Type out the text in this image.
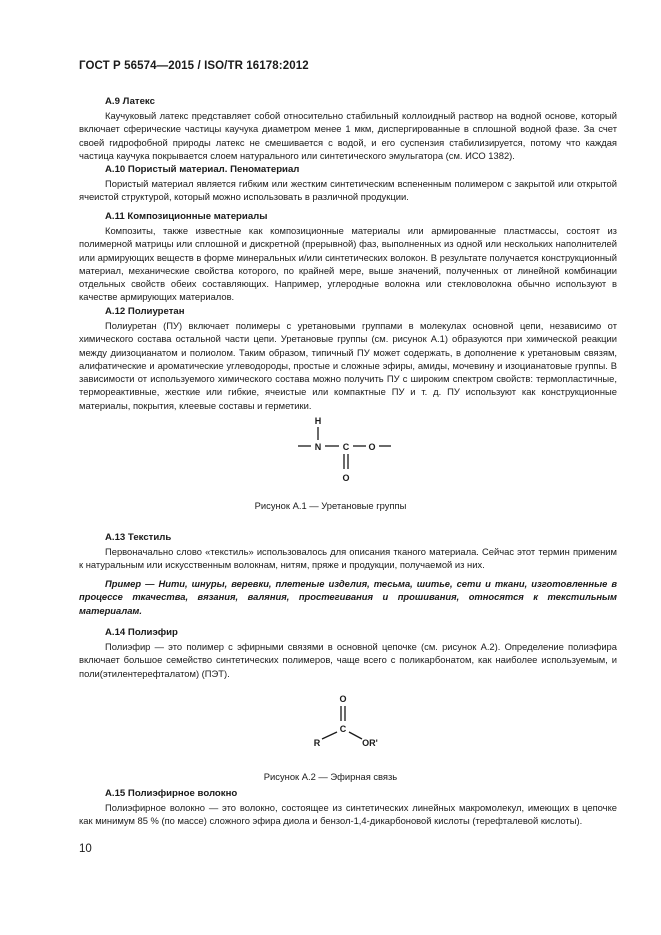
ГОСТ Р 56574—2015 / ISO/TR 16178:2012
А.9 Латекс

Каучуковый латекс представляет собой относительно стабильный коллоидный раствор на водной основе, который включает сферические частицы каучука диаметром менее 1 мкм, диспергированные в сплошной водной фазе. За счет своей гидрофобной природы латекс не смешивается с водой, и его суспензия стабилизируется, потому что каждая частица каучука покрывается слоем натурального или синтетического эмульгатора (см. ИСО 1382).

А.10 Пористый материал. Пеноматериал

Пористый материал является гибким или жестким синтетическим вспененным полимером с закрытой или открытой ячеистой структурой, который можно использовать в различной продукции.

А.11 Композиционные материалы

Композиты, также известные как композиционные материалы или армированные пластмассы, состоят из полимерной матрицы или сплошной и дискретной (прерывной) фаз, выполненных из одной или нескольких наполнителей или армирующих веществ в форме минеральных и/или синтетических волокон. В результате получается конструкционный материал, механические свойства которого, по крайней мере, выше значений, полученных от линейной комбинации отдельных свойств обеих составляющих. Например, углеродные волокна или стекловолокна обычно используют в качестве армирующих материалов.

А.12 Полиуретан

Полиуретан (ПУ) включает полимеры с уретановыми группами в молекулах основной цепи, независимо от химического состава остальной части цепи. Уретановые группы (см. рисунок А.1) образуются при химической реакции между диизоцианатом и полиолом. Таким образом, типичный ПУ может содержать, в дополнение к уретановым связям, алифатические и ароматические углеводороды, простые и сложные эфиры, амиды, мочевину и изоцианатовые группы. В зависимости от используемого химического состава можно получить ПУ с широким спектром свойств: термопластичные, термореактивные, жесткие или гибкие, ячеистые или компактные ПУ и т. д. ПУ используют как конструкционные материалы, покрытия, клеевые составы и герметики.

H
N C O
O
Рисунок А.1 — Уретановые группы
А.13 Текстиль

Первоначально слово «текстиль» использовалось для описания тканого материала. Сейчас этот термин применим к натуральным или искусственным волокнам, нитям, пряже и продукции, получаемой из них.

Пример — Нити, шнуры, веревки, плетеные изделия, тесьма, шитье, сети и ткани, изготовленные в процессе ткачества, вязания, валяния, простегивания и прошивания, относятся к текстильным материалам.

А.14 Полиэфир

Полиэфир — это полимер с эфирными связями в основной цепочке (см. рисунок А.2). Определение полиэфира включает большое семейство синтетических полимеров, чаще всего с поликарбонатом, как наиболее используемым, и поли(этилентерефталатом) (ПЭТ).

O
C
R	OR'
Рисунок А.2 — Эфирная связь
А.15 Полиэфирное волокно

Полиэфирное волокно — это волокно, состоящее из синтетических линейных макромолекул, имеющих в цепочке как минимум 85 % (по массе) сложного эфира диола и бензол-1,4-дикарбоновой кислоты (терефталевой кислоты).

10
